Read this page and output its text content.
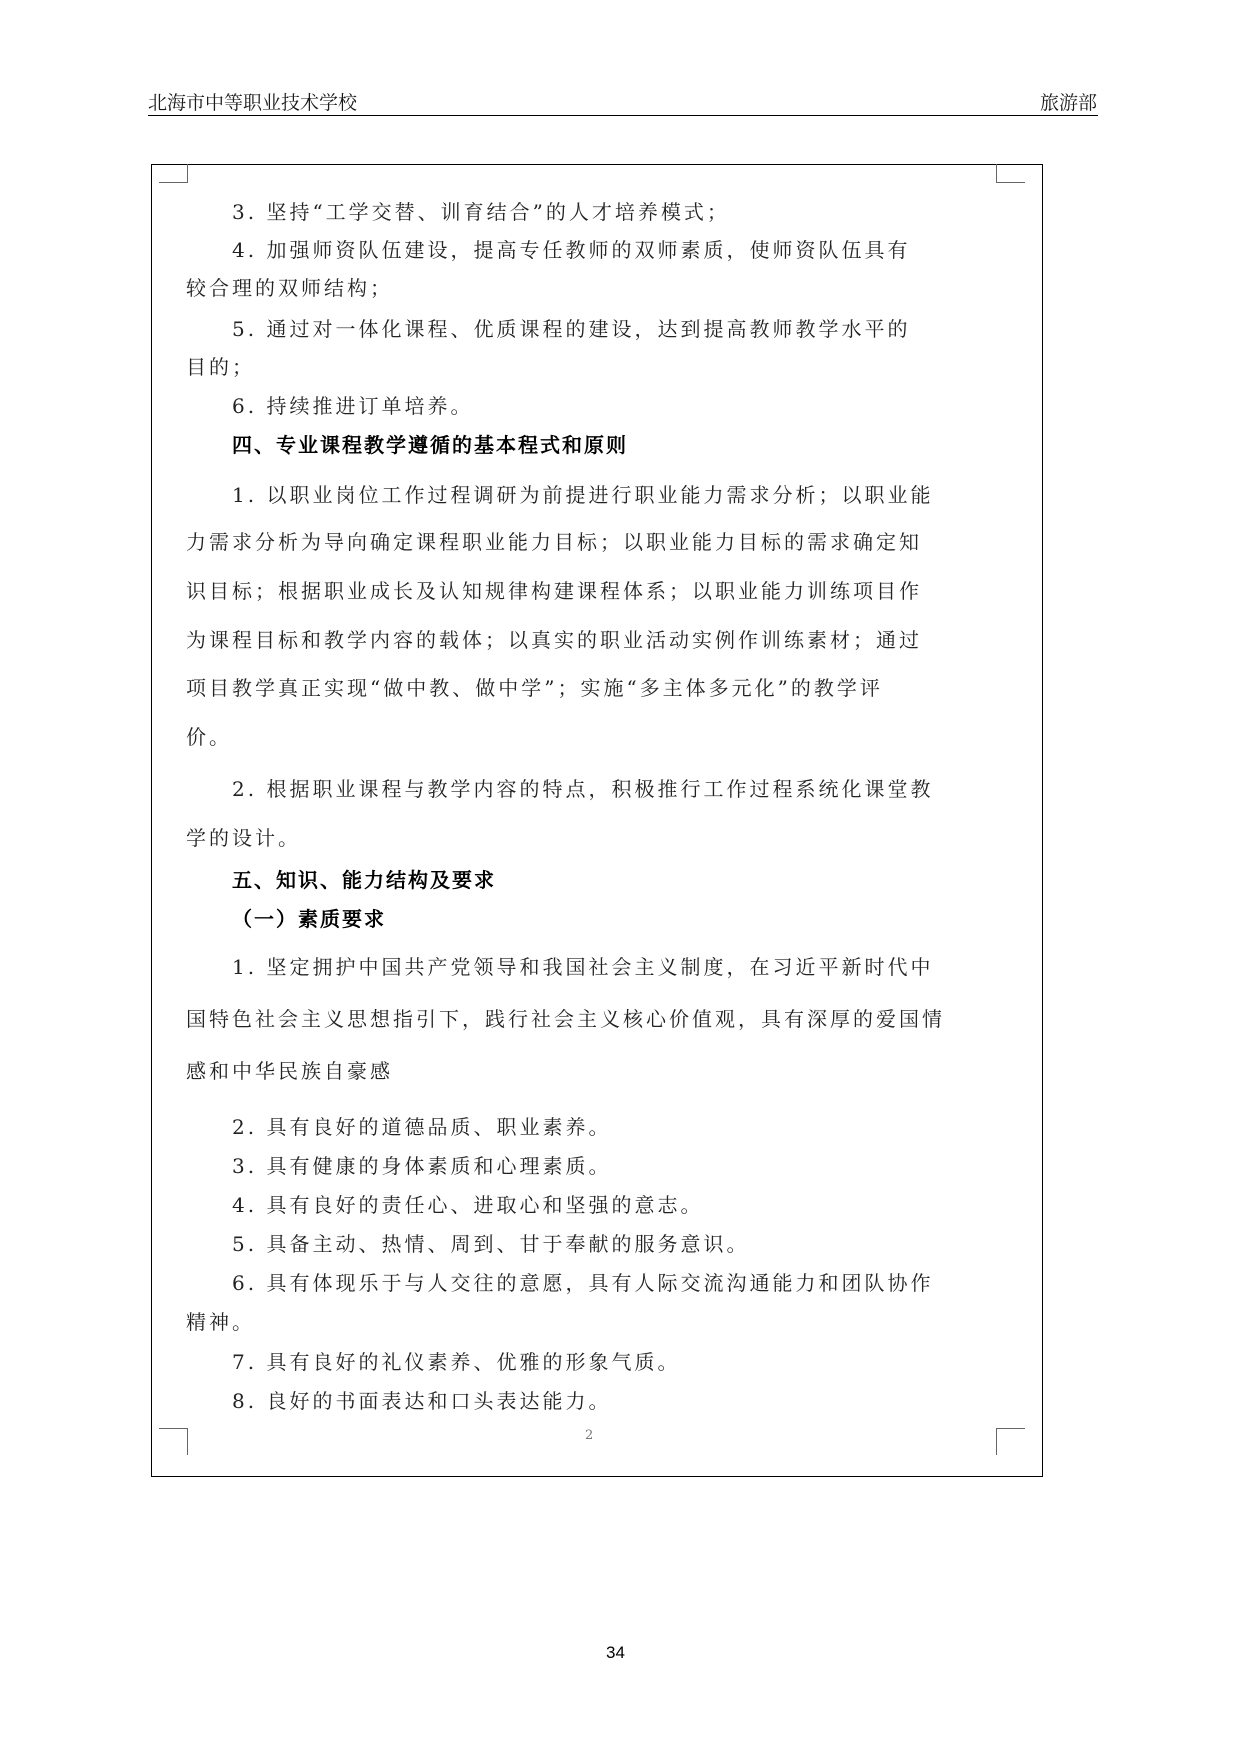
北海市中等职业技术学校	旅游部
3. 坚持“工学交替、训育结合”的人才培养模式；
4. 加强师资队伍建设，提高专任教师的双师素质，使师资队伍具有
较合理的双师结构；
5. 通过对一体化课程、优质课程的建设，达到提高教师教学水平的
目的；
6. 持续推进订单培养。
四、专业课程教学遵循的基本程式和原则
1. 以职业岗位工作过程调研为前提进行职业能力需求分析；以职业能
力需求分析为导向确定课程职业能力目标；以职业能力目标的需求确定知
识目标；根据职业成长及认知规律构建课程体系；以职业能力训练项目作
为课程目标和教学内容的载体；以真实的职业活动实例作训练素材；通过
项目教学真正实现“做中教、做中学”；实施“多主体多元化”的教学评
价。
2. 根据职业课程与教学内容的特点，积极推行工作过程系统化课堂教
学的设计。
五、知识、能力结构及要求
（一）素质要求
1. 坚定拥护中国共产党领导和我国社会主义制度，在习近平新时代中
国特色社会主义思想指引下，践行社会主义核心价值观，具有深厚的爱国情
感和中华民族自豪感
2. 具有良好的道德品质、职业素养。
3. 具有健康的身体素质和心理素质。
4. 具有良好的责任心、进取心和坚强的意志。
5. 具备主动、热情、周到、甘于奉献的服务意识。
6. 具有体现乐于与人交往的意愿，具有人际交流沟通能力和团队协作
精神。
7. 具有良好的礼仪素养、优雅的形象气质。
8. 良好的书面表达和口头表达能力。
2
34
